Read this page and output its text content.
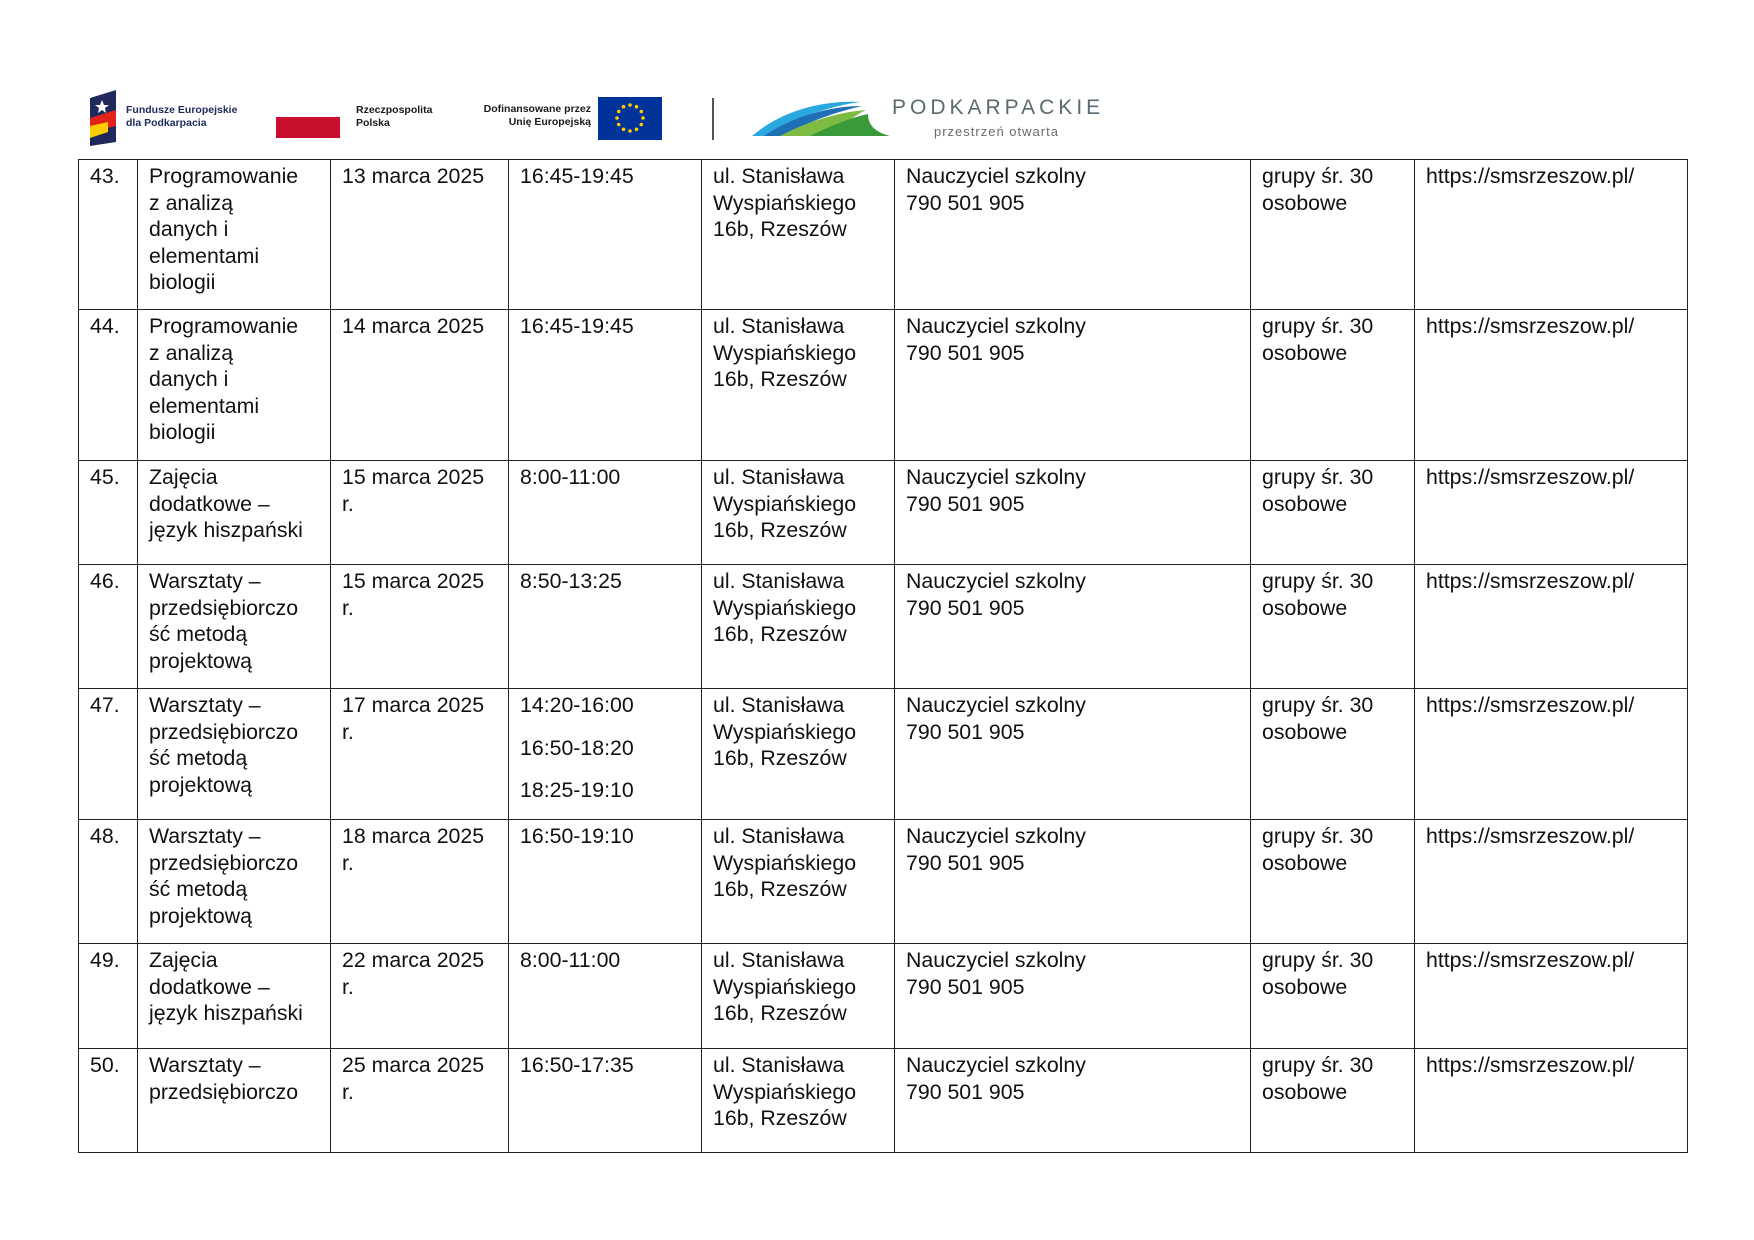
Fundusze Europejskie
dla Podkarpacia
Rzeczpospolita
Polska
Dofinansowane przez
Unię Europejską
PODKARPACKIE
przestrzeń otwarta
43.	Programowanie
z analizą
danych i
elementami
biologii	13 marca 2025	16:45-19:45	ul. Stanisława
Wyspiańskiego
16b, Rzeszów	Nauczyciel szkolny
790 501 905	grupy śr. 30
osobowe	https://smsrzeszow.pl/
44.	Programowanie
z analizą
danych i
elementami
biologii	14 marca 2025	16:45-19:45	ul. Stanisława
Wyspiańskiego
16b, Rzeszów	Nauczyciel szkolny
790 501 905	grupy śr. 30
osobowe	https://smsrzeszow.pl/
45.	Zajęcia
dodatkowe –
język hiszpański	15 marca 2025
r.	8:00-11:00	ul. Stanisława
Wyspiańskiego
16b, Rzeszów	Nauczyciel szkolny
790 501 905	grupy śr. 30
osobowe	https://smsrzeszow.pl/
46.	Warsztaty –
przedsiębiorczo
ść metodą
projektową	15 marca 2025
r.	8:50-13:25	ul. Stanisława
Wyspiańskiego
16b, Rzeszów	Nauczyciel szkolny
790 501 905	grupy śr. 30
osobowe	https://smsrzeszow.pl/
47.	Warsztaty –
przedsiębiorczo
ść metodą
projektową	17 marca 2025
r.	14:20-16:00
16:50-18:20
18:25-19:10	ul. Stanisława
Wyspiańskiego
16b, Rzeszów	Nauczyciel szkolny
790 501 905	grupy śr. 30
osobowe	https://smsrzeszow.pl/
48.	Warsztaty –
przedsiębiorczo
ść metodą
projektową	18 marca 2025
r.	16:50-19:10	ul. Stanisława
Wyspiańskiego
16b, Rzeszów	Nauczyciel szkolny
790 501 905	grupy śr. 30
osobowe	https://smsrzeszow.pl/
49.	Zajęcia
dodatkowe –
język hiszpański	22 marca 2025
r.	8:00-11:00	ul. Stanisława
Wyspiańskiego
16b, Rzeszów	Nauczyciel szkolny
790 501 905	grupy śr. 30
osobowe	https://smsrzeszow.pl/
50.	Warsztaty –
przedsiębiorczo	25 marca 2025
r.	16:50-17:35	ul. Stanisława
Wyspiańskiego
16b, Rzeszów	Nauczyciel szkolny
790 501 905	grupy śr. 30
osobowe	https://smsrzeszow.pl/
